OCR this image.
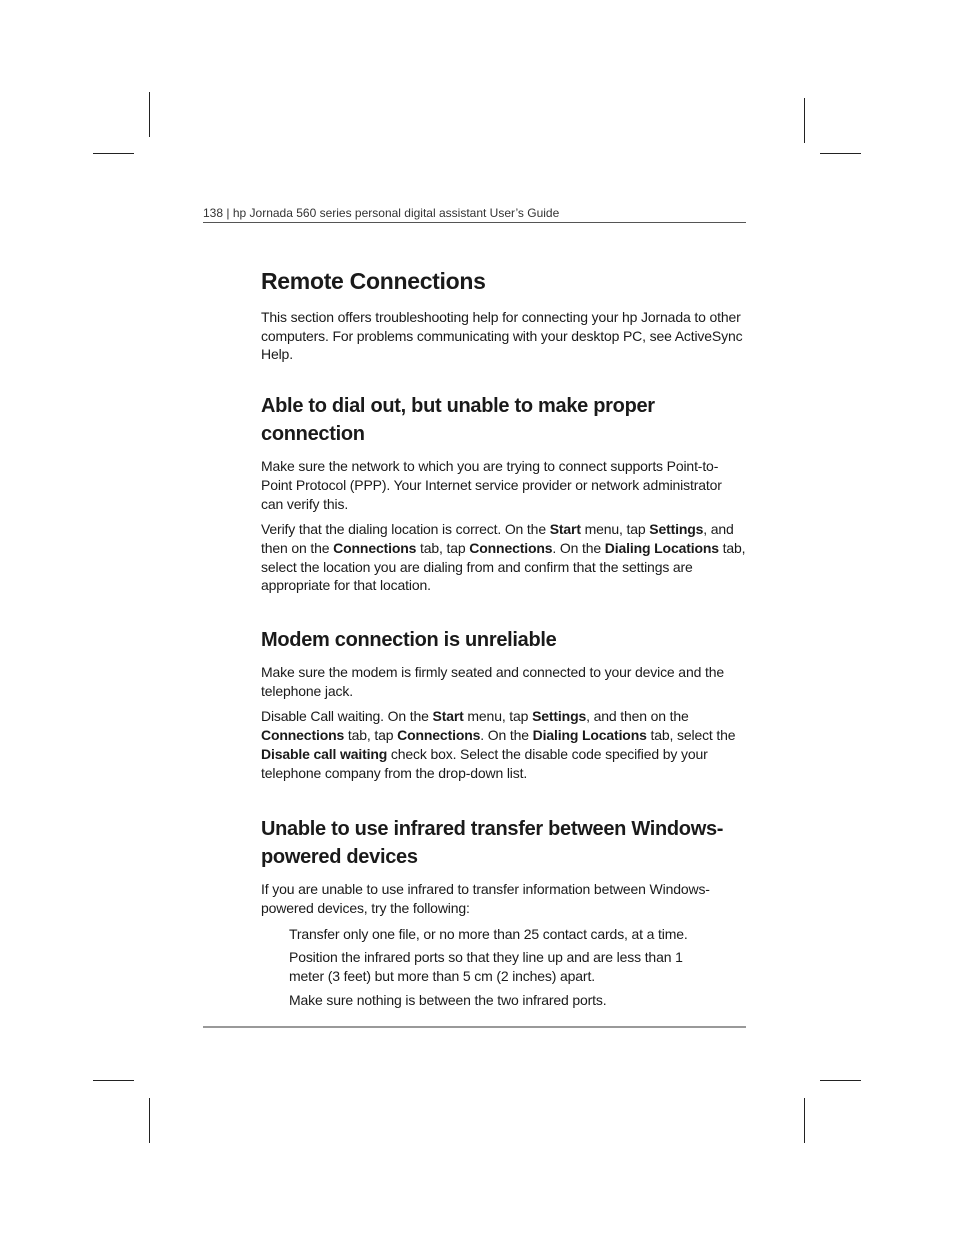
138 | hp Jornada 560 series personal digital assistant User’s Guide
Remote Connections

This section offers troubleshooting help for connecting your hp Jornada to other computers. For problems communicating with your desktop PC, see ActiveSync Help.

Able to dial out, but unable to make proper connection

Make sure the network to which you are trying to connect supports Point-to-Point Protocol (PPP). Your Internet service provider or network administrator can verify this.

Verify that the dialing location is correct. On the Start menu, tap Settings, and then on the Connections tab, tap Connections. On the Dialing Locations tab, select the location you are dialing from and confirm that the settings are appropriate for that location.

Modem connection is unreliable

Make sure the modem is firmly seated and connected to your device and the telephone jack.

Disable Call waiting. On the Start menu, tap Settings, and then on the Connections tab, tap Connections. On the Dialing Locations tab, select the Disable call waiting check box. Select the disable code specified by your telephone company from the drop-down list.

Unable to use infrared transfer between Windows-powered devices

If you are unable to use infrared to transfer information between Windows-powered devices, try the following:

Transfer only one file, or no more than 25 contact cards, at a time.
Position the infrared ports so that they line up and are less than 1 meter (3 feet) but more than 5 cm (2 inches) apart.
Make sure nothing is between the two infrared ports.
